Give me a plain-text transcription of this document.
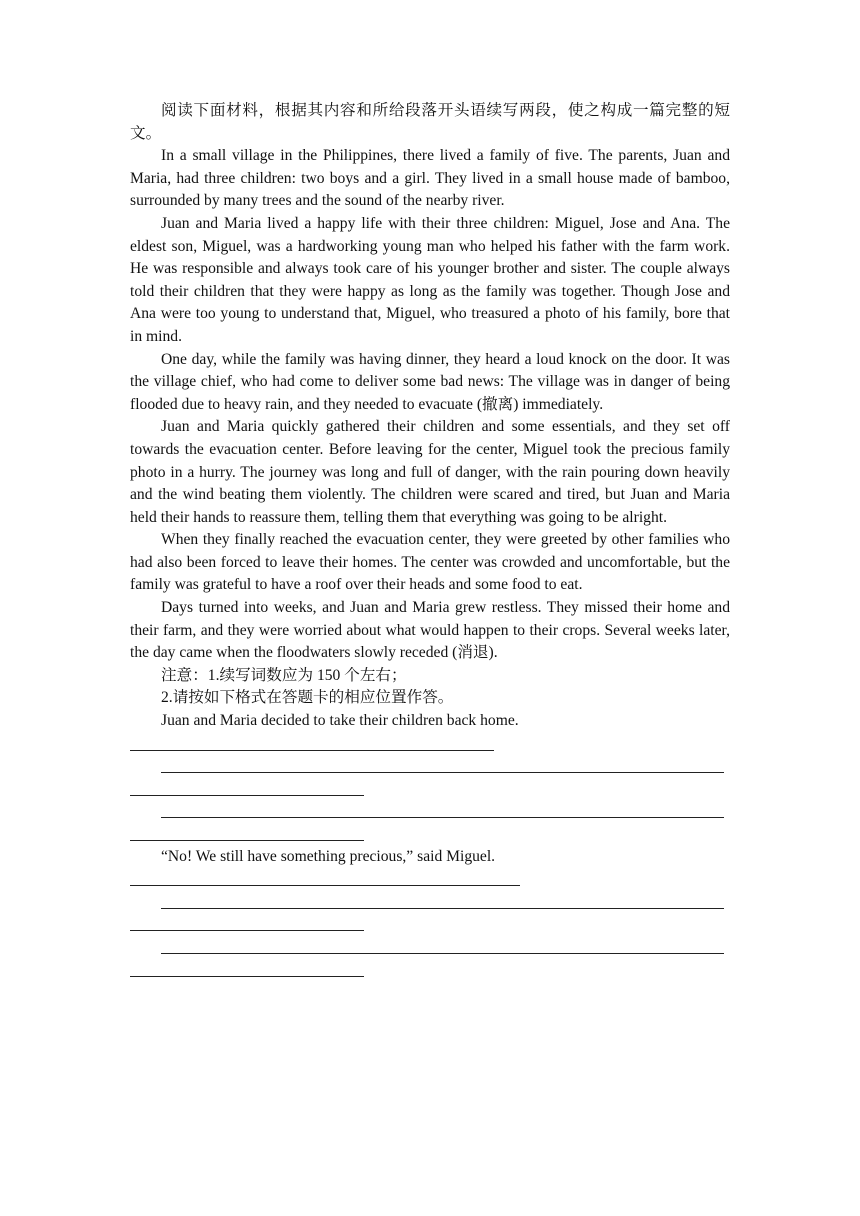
阅读下面材料，根据其内容和所给段落开头语续写两段，使之构成一篇完整的短文。

In a small village in the Philippines, there lived a family of five. The parents, Juan and Maria, had three children: two boys and a girl. They lived in a small house made of bamboo, surrounded by many trees and the sound of the nearby river.

Juan and Maria lived a happy life with their three children: Miguel, Jose and Ana. The eldest son, Miguel, was a hardworking young man who helped his father with the farm work. He was responsible and always took care of his younger brother and sister. The couple always told their children that they were happy as long as the family was together. Though Jose and Ana were too young to understand that, Miguel, who treasured a photo of his family, bore that in mind.

One day, while the family was having dinner, they heard a loud knock on the door. It was the village chief, who had come to deliver some bad news: The village was in danger of being flooded due to heavy rain, and they needed to evacuate (撤离) immediately.

Juan and Maria quickly gathered their children and some essentials, and they set off towards the evacuation center. Before leaving for the center, Miguel took the precious family photo in a hurry. The journey was long and full of danger, with the rain pouring down heavily and the wind beating them violently. The children were scared and tired, but Juan and Maria held their hands to reassure them, telling them that everything was going to be alright.

When they finally reached the evacuation center, they were greeted by other families who had also been forced to leave their homes. The center was crowded and uncomfortable, but the family was grateful to have a roof over their heads and some food to eat.

Days turned into weeks, and Juan and Maria grew restless. They missed their home and their farm, and they were worried about what would happen to their crops. Several weeks later, the day came when the floodwaters slowly receded (消退).

注意：1.续写词数应为 150 个左右；

2.请按如下格式在答题卡的相应位置作答。

Juan and Maria decided to take their children back home.

“No! We still have something precious,” said Miguel.
